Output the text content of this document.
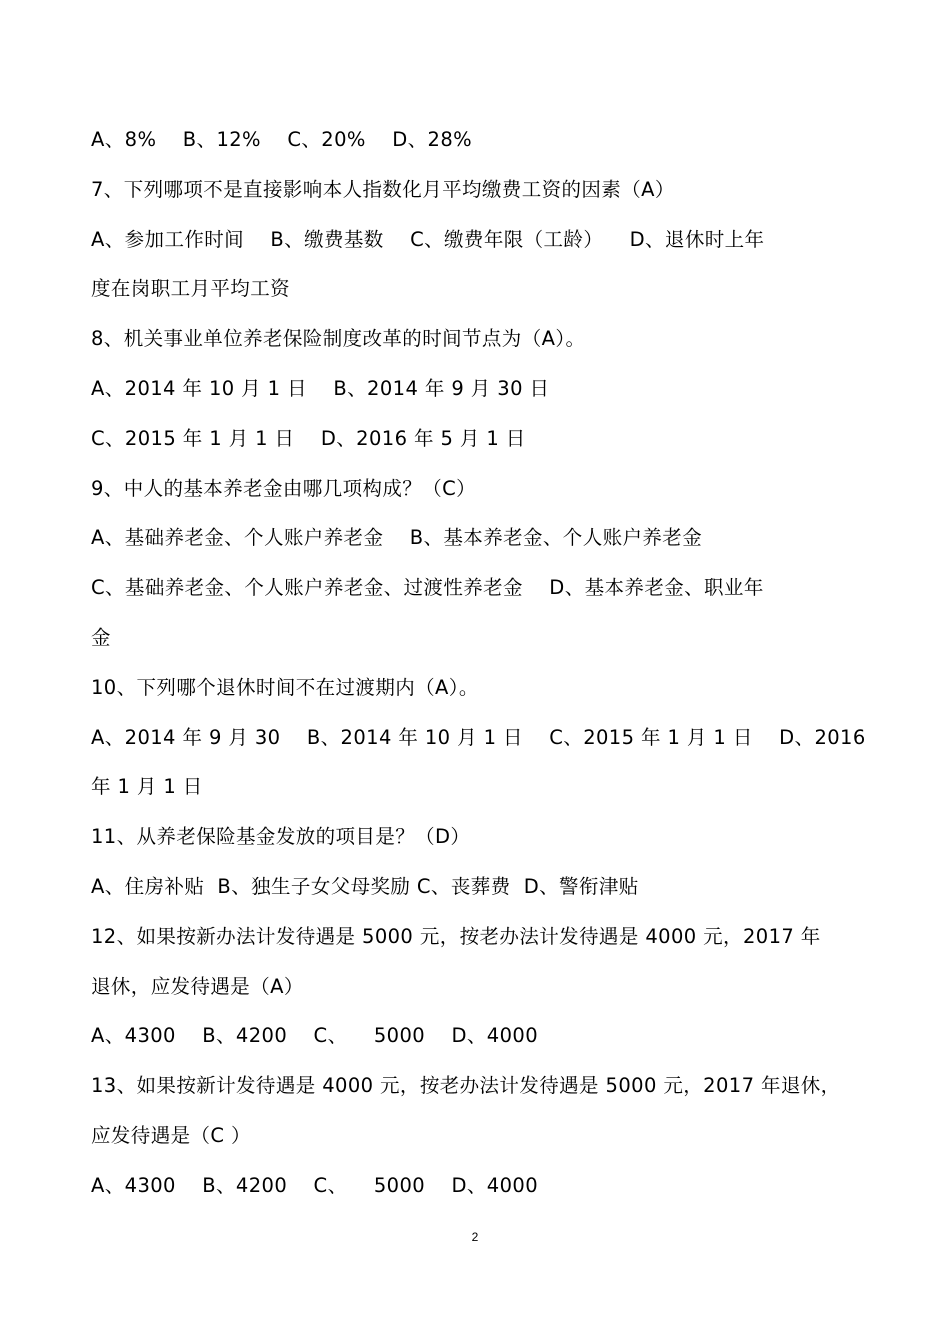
A、8%    B、12%    C、20%    D、28%
7、下列哪项不是直接影响本人指数化月平均缴费工资的因素（A）
A、参加工作时间    B、缴费基数    C、缴费年限（工龄）    D、退休时上年
度在岗职工月平均工资
8、机关事业单位养老保险制度改革的时间节点为（A）。
A、2014 年 10 月 1 日    B、2014 年 9 月 30 日
C、2015 年 1 月 1 日    D、2016 年 5 月 1 日
9、中人的基本养老金由哪几项构成？（C）
A、基础养老金、个人账户养老金    B、基本养老金、个人账户养老金
C、基础养老金、个人账户养老金、过渡性养老金    D、基本养老金、职业年
金
10、下列哪个退休时间不在过渡期内（A）。
A、2014 年 9 月 30    B、2014 年 10 月 1 日    C、2015 年 1 月 1 日    D、2016
年 1 月 1 日
11、从养老保险基金发放的项目是？（D）
A、住房补贴  B、独生子女父母奖励 C、丧葬费  D、警衔津贴
12、如果按新办法计发待遇是 5000 元，按老办法计发待遇是 4000 元，2017 年
退休，应发待遇是（A）
A、4300    B、4200    C、    5000    D、4000
13、如果按新计发待遇是 4000 元，按老办法计发待遇是 5000 元，2017 年退休，
应发待遇是（C ）
A、4300    B、4200    C、    5000    D、4000
2
